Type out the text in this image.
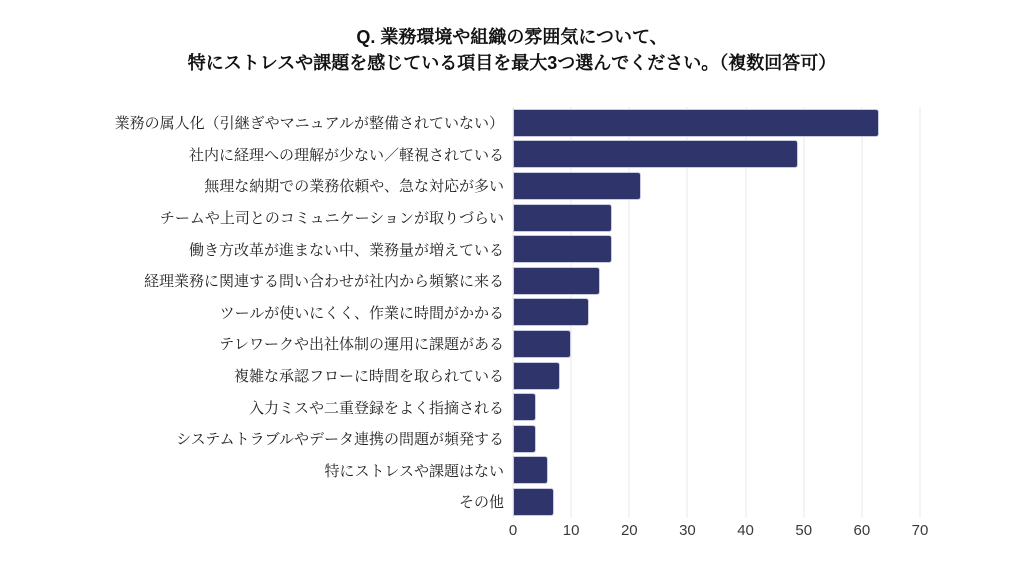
Q. 業務環境や組織の雰囲気について、
特にストレスや課題を感じている項目を最大3つ選んでください。（複数回答可）
業務の属人化（引継ぎやマニュアルが整備されていない）
社内に経理への理解が少ない／軽視されている
無理な納期での業務依頼や、急な対応が多い
チームや上司とのコミュニケーションが取りづらい
働き方改革が進まない中、業務量が増えている
経理業務に関連する問い合わせが社内から頻繁に来る
ツールが使いにくく、作業に時間がかかる
テレワークや出社体制の運用に課題がある
複雑な承認フローに時間を取られている
入力ミスや二重登録をよく指摘される
システムトラブルやデータ連携の問題が頻発する
特にストレスや課題はない
その他
0	10	20	30	40	50	60	70
